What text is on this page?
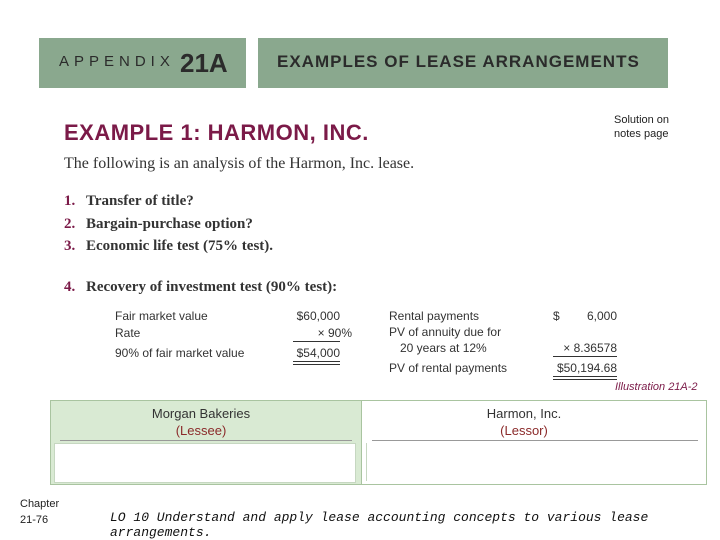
APPENDIX 21A	EXAMPLES OF LEASE ARRANGEMENTS
Solution on
notes page
EXAMPLE 1: HARMON, INC.
The following is an analysis of the Harmon, Inc. lease.
1. Transfer of title?
2. Bargain-purchase option?
3. Economic life test (75% test).
4. Recovery of investment test (90% test):
Fair market value	$60,000
Rate	× 90%
90% of fair market value	$54,000
Rental payments	$	6,000
PV of annuity due for
20 years at 12%	× 8.36578
PV of rental payments	$50,194.68
Illustration 21A-2
Morgan Bakeries
(Lessee)
Harmon, Inc.
(Lessor)
Chapter
21-76	LO 10 Understand and apply lease accounting concepts to various lease arrangements.
